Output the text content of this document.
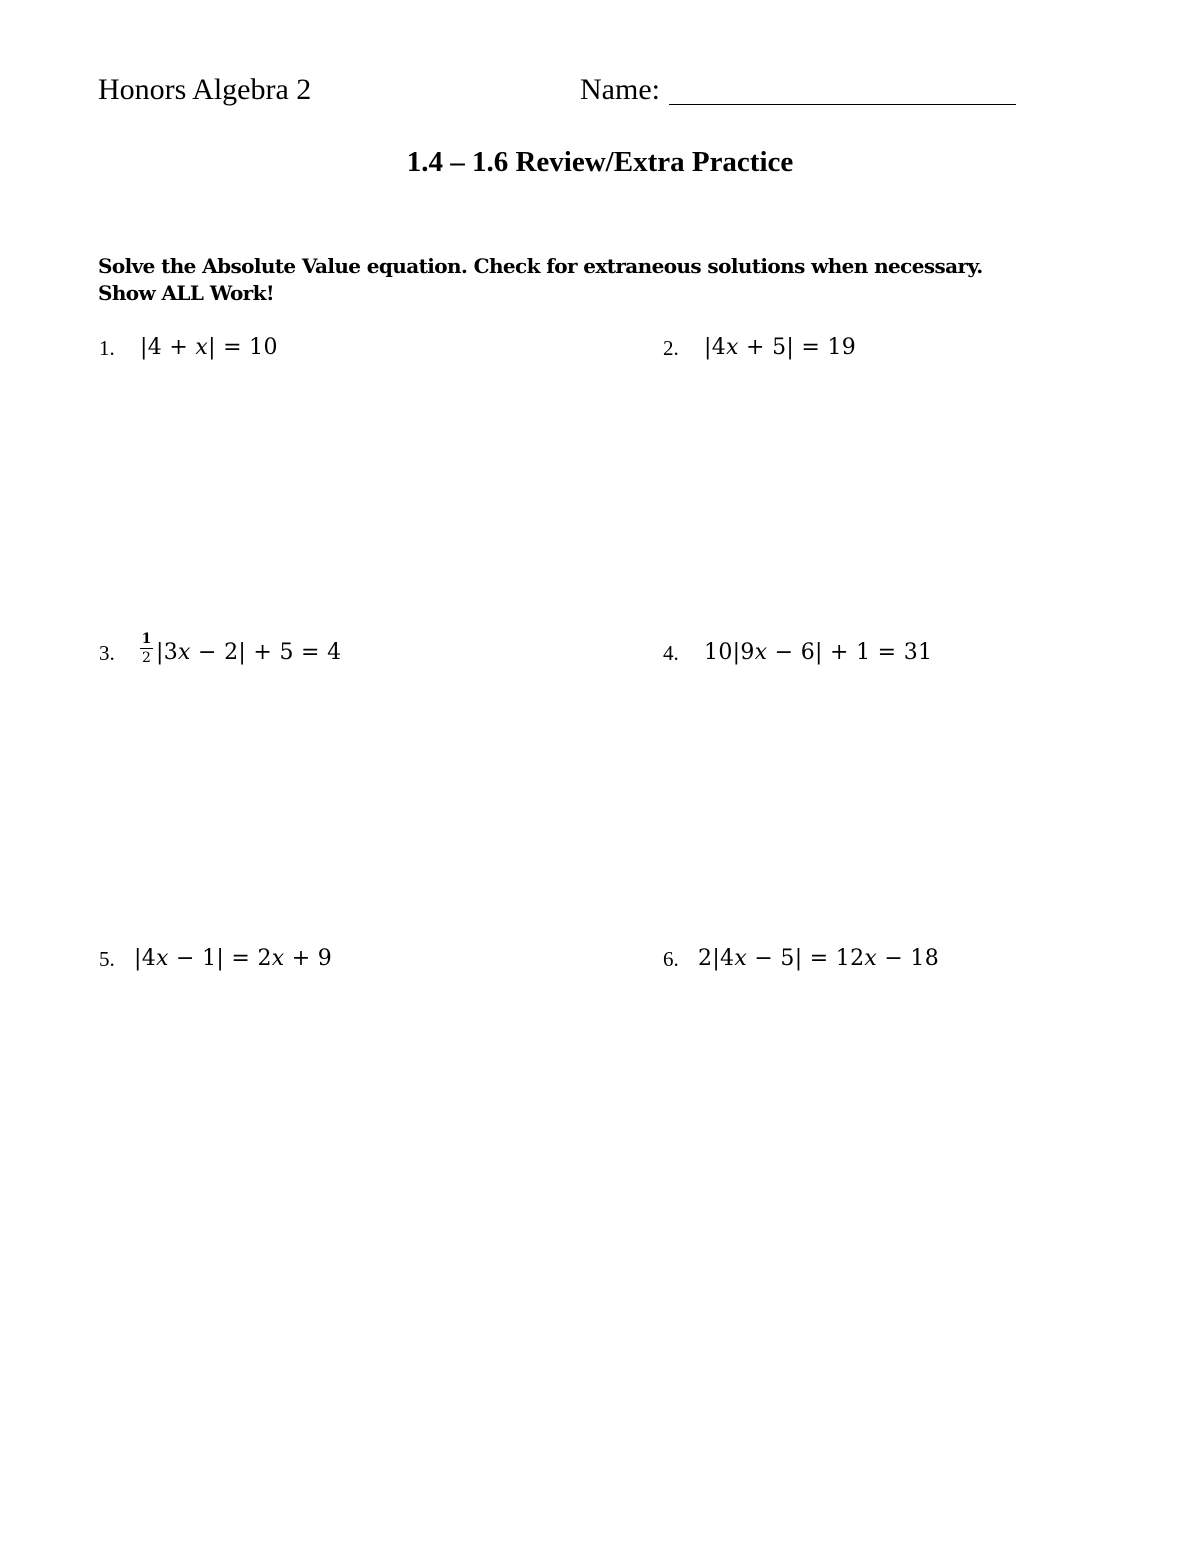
Honors Algebra 2	Name:
1.4 – 1.6 Review/Extra Practice
Solve the Absolute Value equation. Check for extraneous solutions when necessary.
Show ALL Work!
1. |4 + x| = 10	2. |4x + 5| = 19
3.
1
2 |3x − 2| + 5 = 4	4. 10|9x − 6| + 1 = 31
5. |4x − 1| = 2x + 9	6. 2|4x − 5| = 12x − 18
